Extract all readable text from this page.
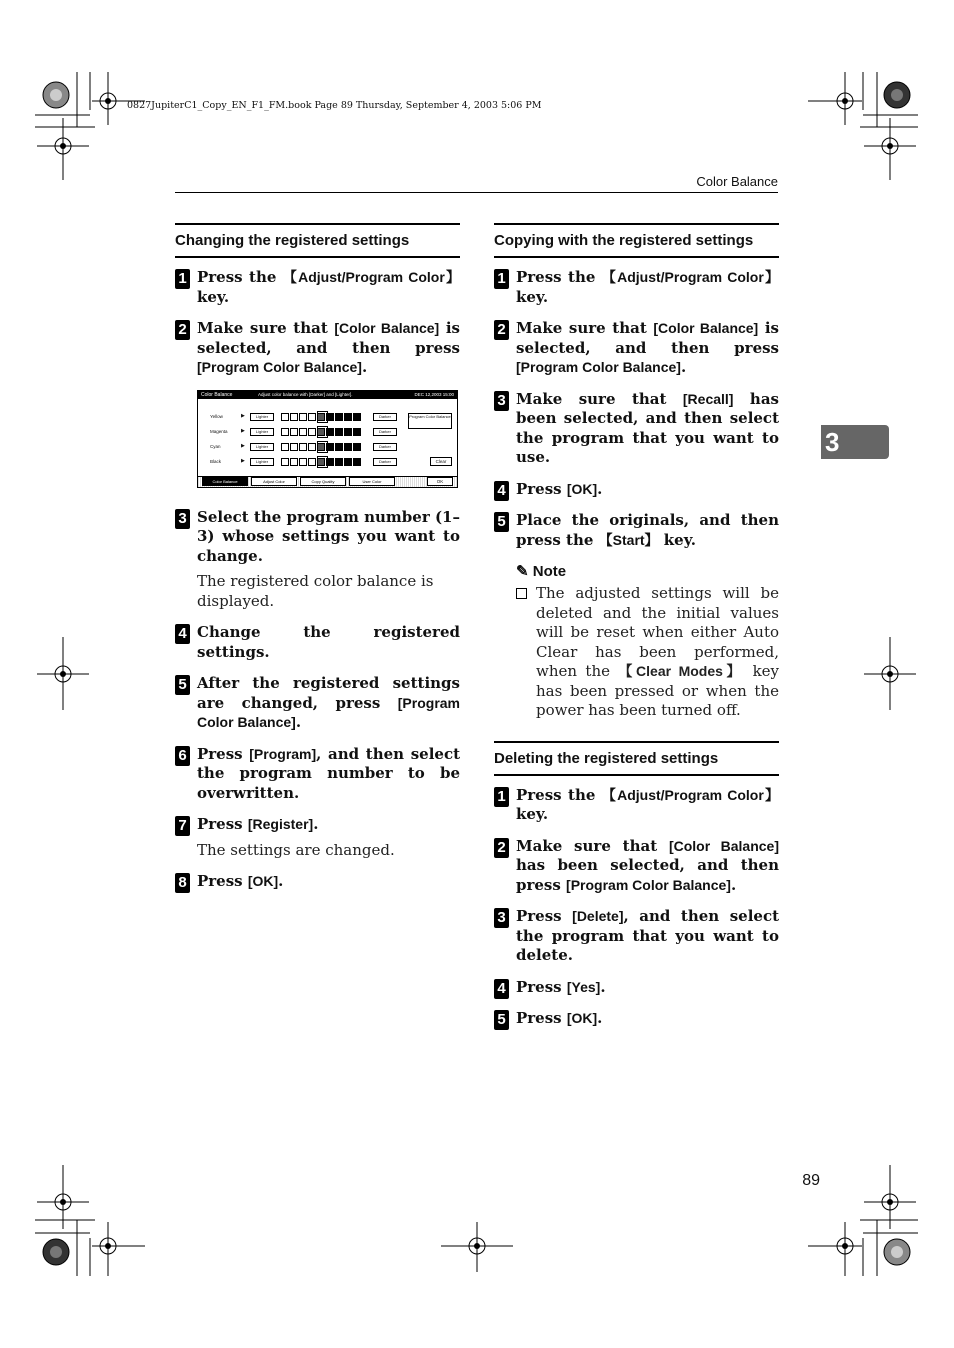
0827JupiterC1_Copy_EN_F1_FM.book Page 89 Thursday, September 4, 2003 5:06 PM
Color Balance
3
89
Changing the registered settings
1 Press the 【Adjust/Program Color】 key.
2 Make sure that [Color Balance] is selected, and then press [Program Color Balance].
Color Balance	Adjust color balance with [Darker] and [Lighter].	DEC 12,2003 15:00
Yellow	▶	Lighter	Darker
Magenta	▶	Lighter	Darker
Cyan	▶	Lighter	Darker
Black	▶	Lighter	Darker
Program Color Balance
Clear
Color Balance	Adjust Color	Copy Quality	User Color	OK
3 Select the program number (1–3) whose settings you want to change.
The registered color balance is displayed.
4 Change the registered settings.
5 After the registered settings are changed, press [Program Color Balance].
6 Press [Program], and then select the program number to be overwritten.
7 Press [Register].
The settings are changed.
8 Press [OK].
Copying with the registered settings
1 Press the 【Adjust/Program Color】 key.
2 Make sure that [Color Balance] is selected, and then press [Program Color Balance].
3 Make sure that [Recall] has been selected, and then select the program that you want to use.
4 Press [OK].
5 Place the originals, and then press the 【Start】 key.
✎ Note
The adjusted settings will be deleted and the initial values will be reset when either Auto Clear has been performed, when the 【Clear Modes】 key has been pressed or when the power has been turned off.
Deleting the registered settings
1 Press the 【Adjust/Program Color】 key.
2 Make sure that [Color Balance] has been selected, and then press [Program Color Balance].
3 Press [Delete], and then select the program that you want to delete.
4 Press [Yes].
5 Press [OK].
